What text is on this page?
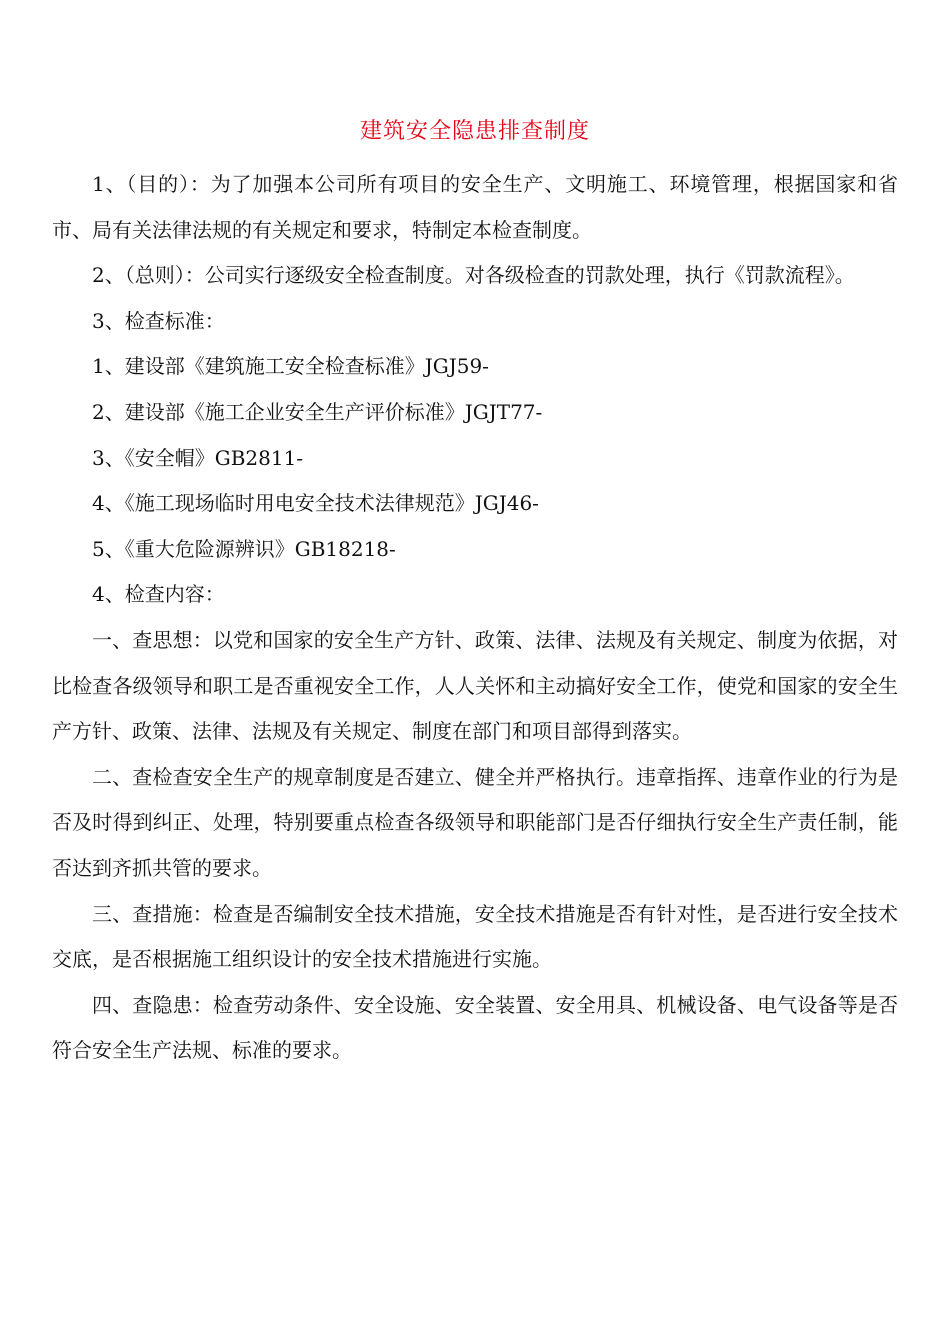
建筑安全隐患排查制度

1、（目的）：为了加强本公司所有项目的安全生产、文明施工、环境管理，根据国家和省市、局有关法律法规的有关规定和要求，特制定本检查制度。

2、（总则）：公司实行逐级安全检查制度。对各级检查的罚款处理，执行《罚款流程》。

3、检查标准：

1、建设部《建筑施工安全检查标准》JGJ59-

2、建设部《施工企业安全生产评价标准》JGJT77-

3、《安全帽》GB2811-

4、《施工现场临时用电安全技术法律规范》JGJ46-

5、《重大危险源辨识》GB18218-

4、检查内容：

一、查思想：以党和国家的安全生产方针、政策、法律、法规及有关规定、制度为依据，对比检查各级领导和职工是否重视安全工作，人人关怀和主动搞好安全工作，使党和国家的安全生产方针、政策、法律、法规及有关规定、制度在部门和项目部得到落实。

二、查检查安全生产的规章制度是否建立、健全并严格执行。违章指挥、违章作业的行为是否及时得到纠正、处理，特别要重点检查各级领导和职能部门是否仔细执行安全生产责任制，能否达到齐抓共管的要求。

三、查措施：检查是否编制安全技术措施，安全技术措施是否有针对性，是否进行安全技术交底，是否根据施工组织设计的安全技术措施进行实施。

四、查隐患：检查劳动条件、安全设施、安全装置、安全用具、机械设备、电气设备等是否符合安全生产法规、标准的要求。
